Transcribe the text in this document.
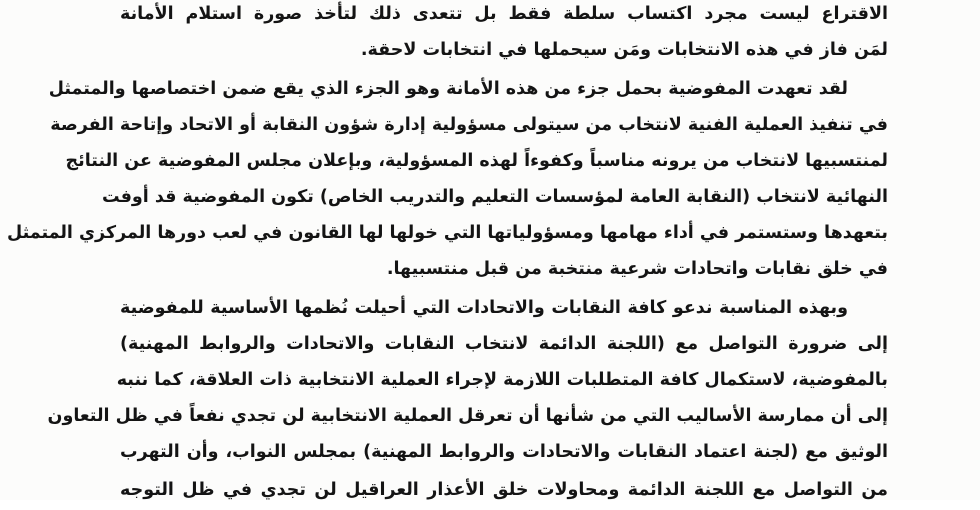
الاقتراع ليست مجرد اكتساب سلطة فقط بل تتعدى ذلك لتأخذ صورة استلام الأمانة
لمَن فاز في هذه الانتخابات ومَن سيحملها في انتخابات لاحقة.
لقد تعهدت المفوضية بحمل جزء من هذه الأمانة وهو الجزء الذي يقع ضمن اختصاصها والمتمثل
في تنفيذ العملية الفنية لانتخاب من سيتولى مسؤولية إدارة شؤون النقابة أو الاتحاد وإتاحة الفرصة
لمنتسبيها لانتخاب من يرونه مناسباً وكفوءاً لهذه المسؤولية، وبإعلان مجلس المفوضية عن النتائج
النهائية لانتخاب (النقابة العامة لمؤسسات التعليم والتدريب الخاص) تكون المفوضية قد أوفت
بتعهدها وستستمر في أداء مهامها ومسؤولياتها التي خولها لها القانون في لعب دورها المركزي المتمثل
في خلق نقابات واتحادات شرعية منتخبة من قبل منتسبيها.
وبهذه المناسبة ندعو كافة النقابات والاتحادات التي أحيلت نُظمها الأساسية للمفوضية
إلى ضرورة التواصل مع (اللجنة الدائمة لانتخاب النقابات والاتحادات والروابط المهنية)
بالمفوضية، لاستكمال كافة المتطلبات اللازمة لإجراء العملية الانتخابية ذات العلاقة، كما ننبه
إلى أن ممارسة الأساليب التي من شأنها أن تعرقل العملية الانتخابية لن تجدي نفعاً في ظل التعاون
الوثيق مع (لجنة اعتماد النقابات والاتحادات والروابط المهنية) بمجلس النواب، وأن التهرب
من التواصل مع اللجنة الدائمة ومحاولات خلق الأعذار العراقيل لن تجدي في ظل التوجه
